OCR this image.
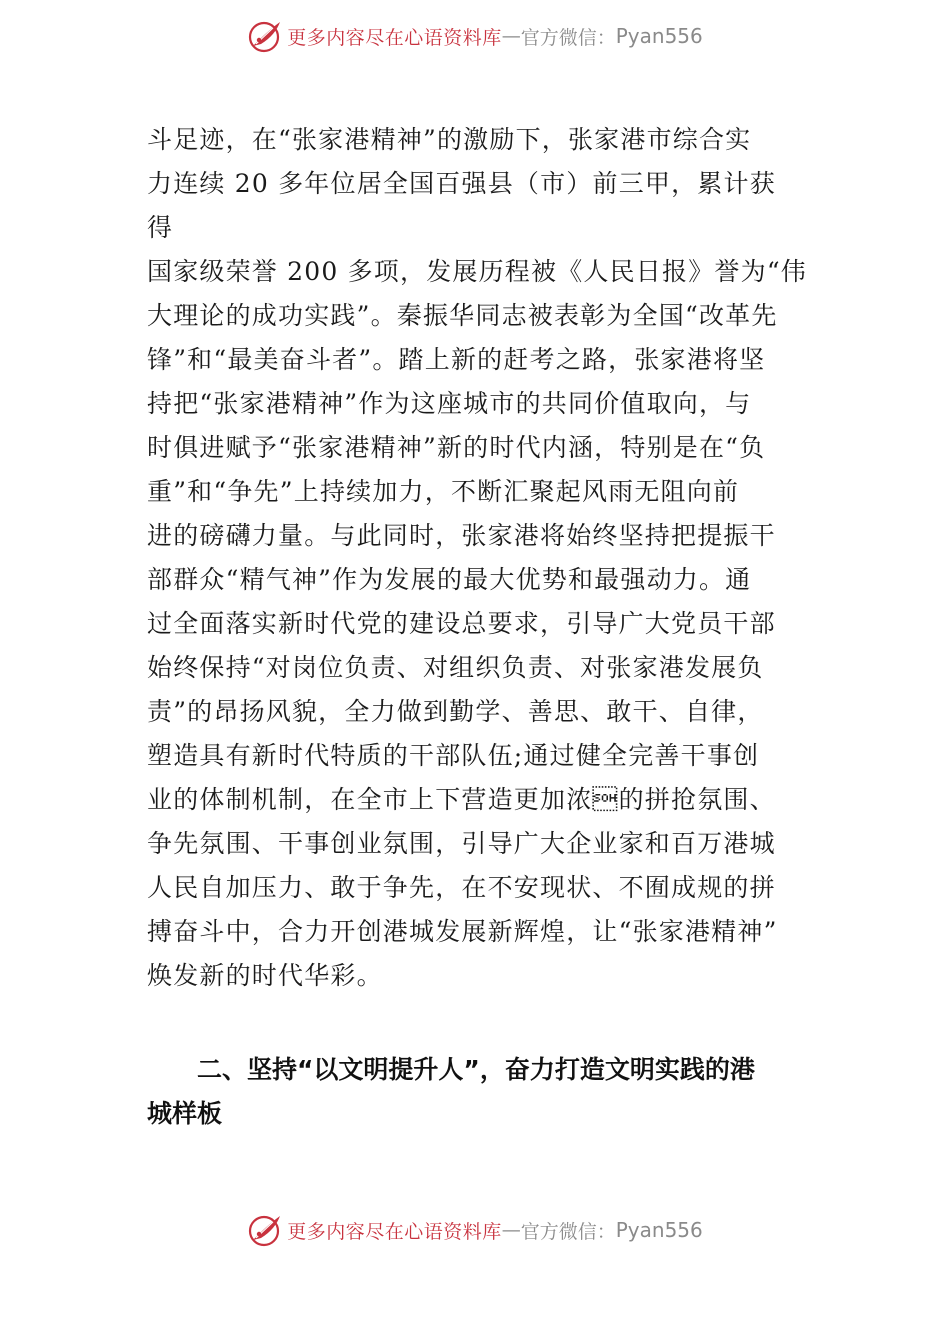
更多内容尽在心语资料库 — 官方微信： Pyan556
斗足迹，在“张家港精神”的激励下，张家港市综合实
力连续 20 多年位居全国百强县（市）前三甲，累计获
得
国家级荣誉 200 多项，发展历程被《人民日报》誉为“伟
大理论的成功实践”。秦振华同志被表彰为全国“改革先
锋”和“最美奋斗者”。踏上新的赶考之路，张家港将坚
持把“张家港精神”作为这座城市的共同价值取向，与
时俱进赋予“张家港精神”新的时代内涵，特别是在“负
重”和“争先”上持续加力，不断汇聚起风雨无阻向前
进的磅礴力量。与此同时，张家港将始终坚持把提振干
部群众“精气神”作为发展的最大优势和最强动力。通
过全面落实新时代党的建设总要求，引导广大党员干部
始终保持“对岗位负责、对组织负责、对张家港发展负
责”的昂扬风貌，全力做到勤学、善思、敢干、自律，
塑造具有新时代特质的干部队伍;通过健全完善干事创
业的体制机制，在全市上下营造更加浓的拼抢氛围、
争先氛围、干事创业氛围，引导广大企业家和百万港城
人民自加压力、敢于争先，在不安现状、不囿成规的拼
搏奋斗中，合力开创港城发展新辉煌，让“张家港精神”
焕发新的时代华彩。
二、坚持“以文明提升人”，奋力打造文明实践的港
城样板
更多内容尽在心语资料库 — 官方微信： Pyan556
